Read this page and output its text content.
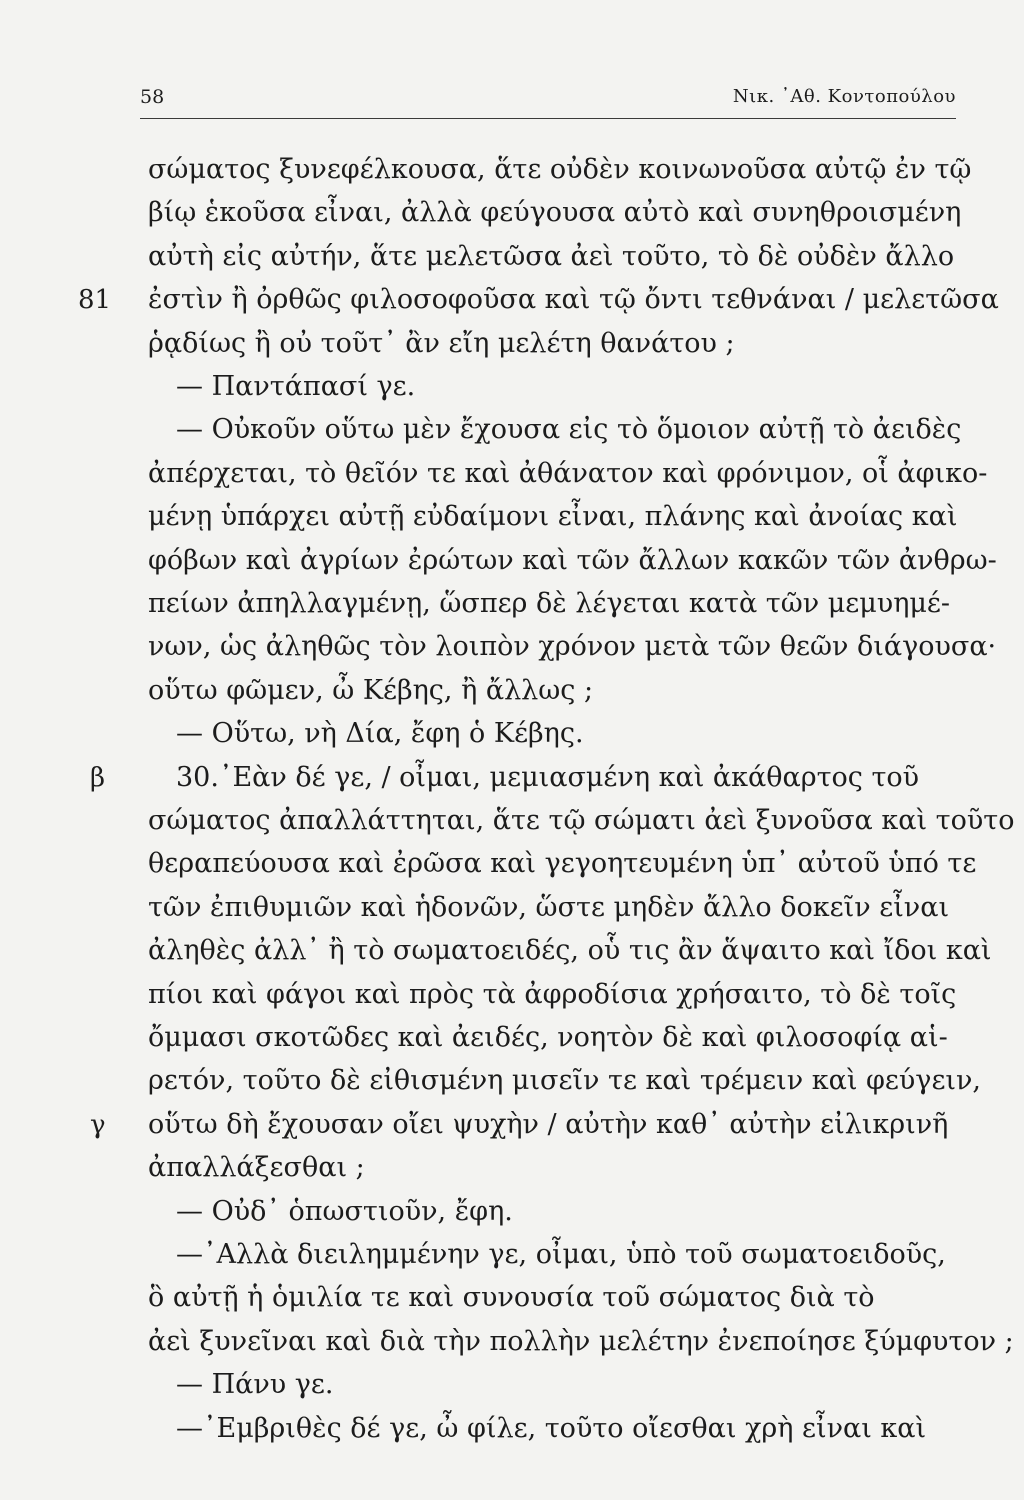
58	Νικ. ᾿Αθ. Κοντοπούλου
81
β
γ
σώματος ξυνεφέλκουσα, ἅτε οὐδὲν κοινωνοῦσα αὐτῷ ἐν τῷ
βίῳ ἑκοῦσα εἶναι, ἀλλὰ φεύγουσα αὐτὸ καὶ συνηθροισμένη
αὐτὴ εἰς αὐτήν, ἅτε μελετῶσα ἀεὶ τοῦτο, τὸ δὲ οὐδὲν ἄλλο
ἐστὶν ἢ ὀρθῶς φιλοσοφοῦσα καὶ τῷ ὄντι τεθνάναι / μελετῶσα
ῥᾳδίως ἢ οὐ τοῦτ᾽ ἂν εἴη μελέτη θανάτου ;
— Παντάπασί γε.
— Οὐκοῦν οὕτω μὲν ἔχουσα εἰς τὸ ὅμοιον αὐτῇ τὸ ἀειδὲς
ἀπέρχεται, τὸ θεῖόν τε καὶ ἀθάνατον καὶ φρόνιμον, οἷ ἀφικο-
μένῃ ὑπάρχει αὐτῇ εὐδαίμονι εἶναι, πλάνης καὶ ἀνοίας καὶ
φόβων καὶ ἀγρίων ἐρώτων καὶ τῶν ἄλλων κακῶν τῶν ἀνθρω-
πείων ἀπηλλαγμένῃ, ὥσπερ δὲ λέγεται κατὰ τῶν μεμυημέ-
νων, ὡς ἀληθῶς τὸν λοιπὸν χρόνον μετὰ τῶν θεῶν διάγουσα·
οὕτω φῶμεν, ὦ Κέβης, ἢ ἄλλως ;
— Οὕτω, νὴ Δία, ἔφη ὁ Κέβης.
30.᾿Εὰν δέ γε, / οἶμαι, μεμιασμένη καὶ ἀκάθαρτος τοῦ
σώματος ἀπαλλάττηται, ἅτε τῷ σώματι ἀεὶ ξυνοῦσα καὶ τοῦτο
θεραπεύουσα καὶ ἐρῶσα καὶ γεγοητευμένη ὑπ᾽ αὐτοῦ ὑπό τε
τῶν ἐπιθυμιῶν καὶ ἡδονῶν, ὥστε μηδὲν ἄλλο δοκεῖν εἶναι
ἀληθὲς ἀλλ᾽ ἢ τὸ σωματοειδές, οὗ τις ἂν ἅψαιτο καὶ ἴδοι καὶ
πίοι καὶ φάγοι καὶ πρὸς τὰ ἀφροδίσια χρήσαιτο, τὸ δὲ τοῖς
ὄμμασι σκοτῶδες καὶ ἀειδές, νοητὸν δὲ καὶ φιλοσοφίᾳ αἱ-
ρετόν, τοῦτο δὲ εἰθισμένη μισεῖν τε καὶ τρέμειν καὶ φεύγειν,
οὕτω δὴ ἔχουσαν οἴει ψυχὴν / αὐτὴν καθ᾽ αὐτὴν εἰλικρινῆ
ἀπαλλάξεσθαι ;
— Οὐδ᾽ ὁπωστιοῦν, ἔφη.
—᾿Αλλὰ διειλημμένην γε, οἶμαι, ὑπὸ τοῦ σωματοειδοῦς,
ὃ αὐτῇ ἡ ὁμιλία τε καὶ συνουσία τοῦ σώματος διὰ τὸ
ἀεὶ ξυνεῖναι καὶ διὰ τὴν πολλὴν μελέτην ἐνεποίησε ξύμφυτον ;
— Πάνυ γε.
—᾿Εμβριθὲς δέ γε, ὦ φίλε, τοῦτο οἴεσθαι χρὴ εἶναι καὶ
